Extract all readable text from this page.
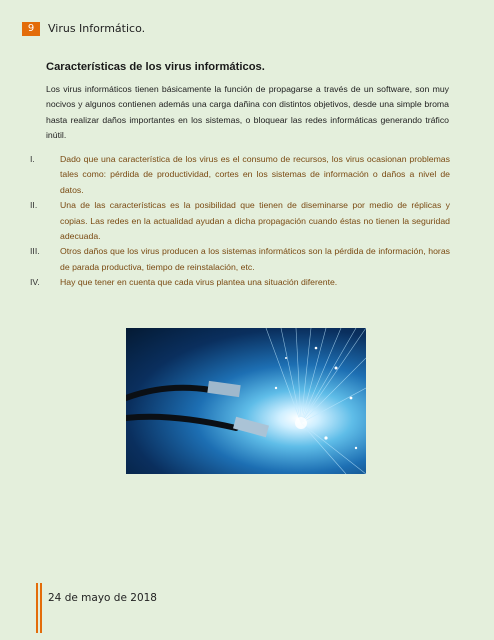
9	Virus Informático.
Características de los virus informáticos.
Los virus informáticos tienen básicamente la función de propagarse a través de un software, son muy nocivos y algunos contienen además una carga dañina con distintos objetivos, desde una simple broma hasta realizar daños importantes en los sistemas, o bloquear las redes informáticas generando tráfico inútil.
I.	Dado que una característica de los virus es el consumo de recursos, los virus ocasionan problemas tales como: pérdida de productividad, cortes en los sistemas de información o daños a nivel de datos.
II.	Una de las características es la posibilidad que tienen de diseminarse por medio de réplicas y copias. Las redes en la actualidad ayudan a dicha propagación cuando éstas no tienen la seguridad adecuada.
III.	Otros daños que los virus producen a los sistemas informáticos son la pérdida de información, horas de parada productiva, tiempo de reinstalación, etc.
IV.	Hay que tener en cuenta que cada virus plantea una situación diferente.
24 de mayo de 2018
